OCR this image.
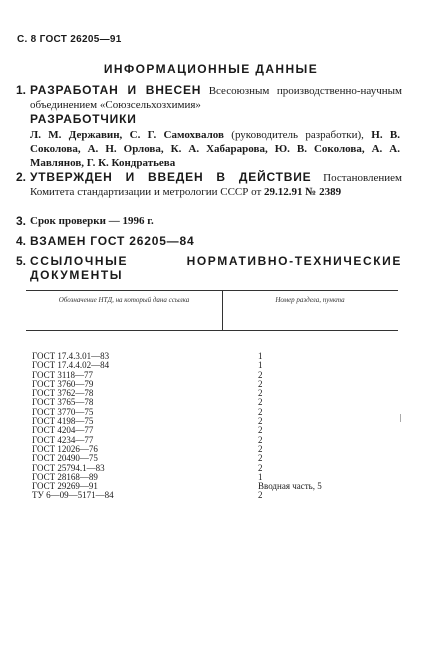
С. 8 ГОСТ 26205—91
ИНФОРМАЦИОННЫЕ ДАННЫЕ
1. РАЗРАБОТАН И ВНЕСЕН Всесоюзным производственно-научным объединением «Союзсельхозхимия»
РАЗРАБОТЧИКИ
Л. М. Державин, С. Г. Самохвалов (руководитель разработки), Н. В. Соколова, А. Н. Орлова, К. А. Хабарарова, Ю. В. Соколова, А. А. Мавлянов, Г. К. Кондратьева
2. УТВЕРЖДЕН И ВВЕДЕН В ДЕЙСТВИЕ Постановлением Комитета стандартизации и метрологии СССР от 29.12.91 № 2389
3. Срок проверки — 1996 г.
4. ВЗАМЕН ГОСТ 26205—84
5. ССЫЛОЧНЫЕ НОРМАТИВНО-ТЕХНИЧЕСКИЕ ДОКУМЕНТЫ
Обозначение НТД, на который дана ссылка	Номер раздела, пункта
ГОСТ 17.4.3.01—83	1
ГОСТ 17.4.4.02—84	1
ГОСТ 3118—77	2
ГОСТ 3760—79	2
ГОСТ 3762—78	2
ГОСТ 3765—78	2
ГОСТ 3770—75	2
ГОСТ 4198—75	2
ГОСТ 4204—77	2
ГОСТ 4234—77	2
ГОСТ 12026—76	2
ГОСТ 20490—75	2
ГОСТ 25794.1—83	2
ГОСТ 28168—89	1
ГОСТ 29269—91	Вводная часть, 5
ТУ 6—09—5171—84	2
